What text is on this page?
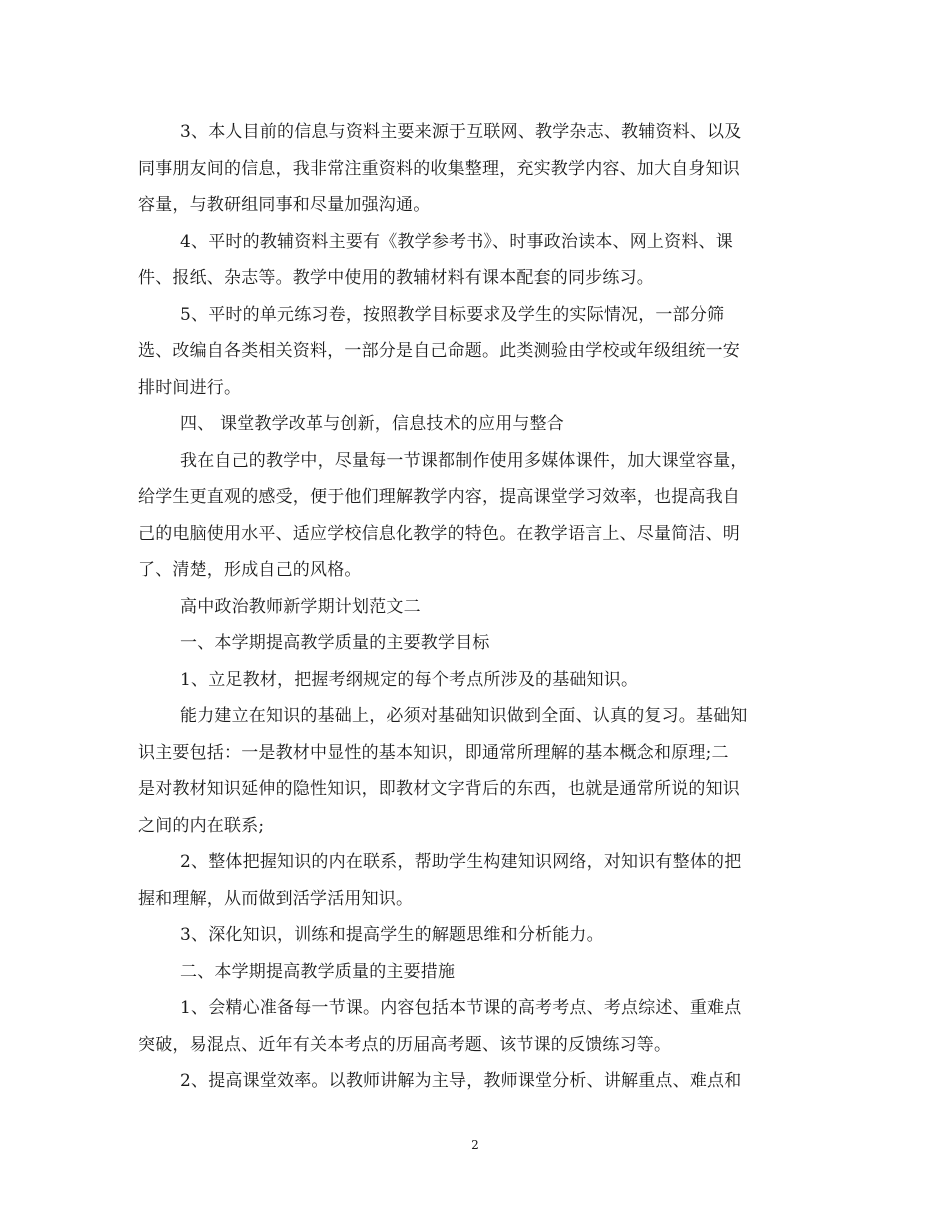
3、本人目前的信息与资料主要来源于互联网、教学杂志、教辅资料、以及
同事朋友间的信息，我非常注重资料的收集整理，充实教学内容、加大自身知识
容量，与教研组同事和尽量加强沟通。
4、平时的教辅资料主要有《教学参考书》、时事政治读本、网上资料、课
件、报纸、杂志等。教学中使用的教辅材料有课本配套的同步练习。
5、平时的单元练习卷，按照教学目标要求及学生的实际情况，一部分筛
选、改编自各类相关资料，一部分是自己命题。此类测验由学校或年级组统一安
排时间进行。
四、 课堂教学改革与创新，信息技术的应用与整合
我在自己的教学中，尽量每一节课都制作使用多媒体课件，加大课堂容量，
给学生更直观的感受，便于他们理解教学内容，提高课堂学习效率，也提高我自
己的电脑使用水平、适应学校信息化教学的特色。在教学语言上、尽量简洁、明
了、清楚，形成自己的风格。
高中政治教师新学期计划范文二
一、本学期提高教学质量的主要教学目标
1、立足教材，把握考纲规定的每个考点所涉及的基础知识。
能力建立在知识的基础上，必须对基础知识做到全面、认真的复习。基础知
识主要包括：一是教材中显性的基本知识，即通常所理解的基本概念和原理;二
是对教材知识延伸的隐性知识，即教材文字背后的东西，也就是通常所说的知识
之间的内在联系;
2、整体把握知识的内在联系，帮助学生构建知识网络，对知识有整体的把
握和理解，从而做到活学活用知识。
3、深化知识，训练和提高学生的解题思维和分析能力。
二、本学期提高教学质量的主要措施
1、会精心准备每一节课。内容包括本节课的高考考点、考点综述、重难点
突破，易混点、近年有关本考点的历届高考题、该节课的反馈练习等。
2、提高课堂效率。以教师讲解为主导，教师课堂分析、讲解重点、难点和
2
